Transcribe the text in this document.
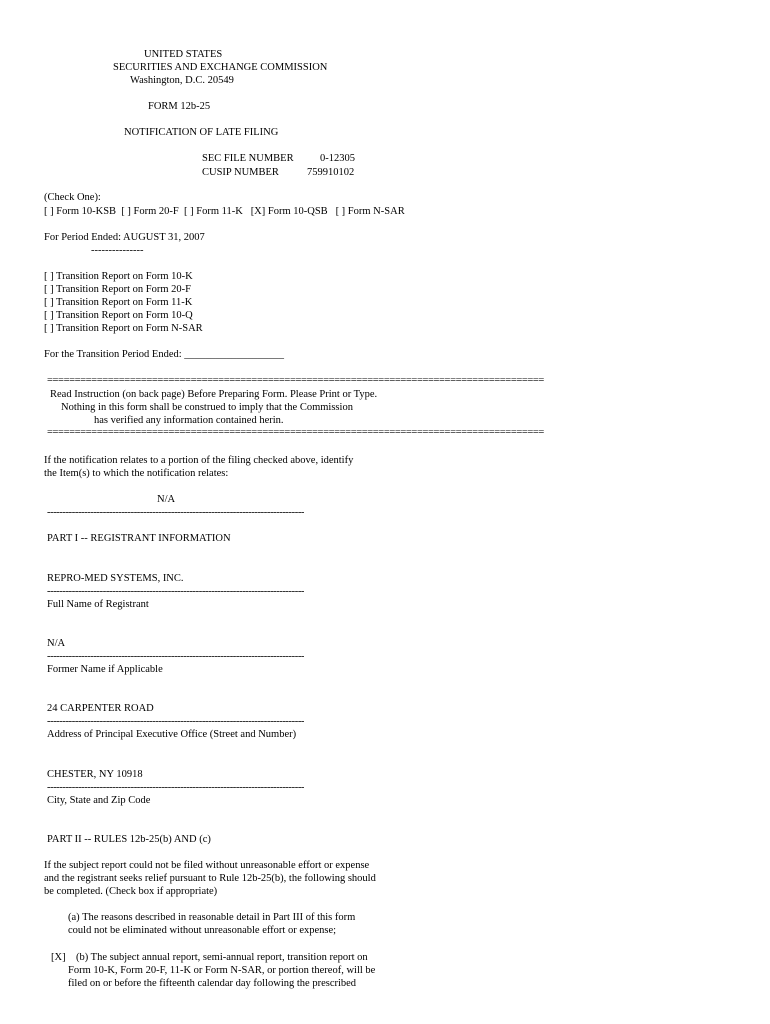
UNITED STATES
SECURITIES AND EXCHANGE COMMISSION
Washington, D.C. 20549
FORM 12b-25
NOTIFICATION OF LATE FILING
SEC FILE NUMBER	0-12305
CUSIP NUMBER	759910102
(Check One):
[ ] Form 10-KSB  [ ] Form 20-F  [ ] Form 11-K   [X] Form 10-QSB   [ ] Form N-SAR
For Period Ended: AUGUST 31, 2007
---------------
[ ] Transition Report on Form 10-K
[ ] Transition Report on Form 20-F
[ ] Transition Report on Form 11-K
[ ] Transition Report on Form 10-Q
[ ] Transition Report on Form N-SAR
For the Transition Period Ended: ___________________
==========================================================================================
Read Instruction (on back page) Before Preparing Form. Please Print or Type.
Nothing in this form shall be construed to imply that the Commission
has verified any information contained herin.
==========================================================================================
If the notification relates to a portion of the filing checked above, identify
the Item(s) to which the notification relates:
N/A
-----------------------------------------------------------------------------------
PART I -- REGISTRANT INFORMATION
REPRO-MED SYSTEMS, INC.
-----------------------------------------------------------------------------------
Full Name of Registrant
N/A
-----------------------------------------------------------------------------------
Former Name if Applicable
24 CARPENTER ROAD
-----------------------------------------------------------------------------------
Address of Principal Executive Office (Street and Number)
CHESTER, NY 10918
-----------------------------------------------------------------------------------
City, State and Zip Code
PART II -- RULES 12b-25(b) AND (c)
If the subject report could not be filed without unreasonable effort or expense
and the registrant seeks relief pursuant to Rule 12b-25(b), the following should
be completed. (Check box if appropriate)
(a) The reasons described in reasonable detail in Part III of this form
could not be eliminated without unreasonable effort or expense;
[X] (b) The subject annual report, semi-annual report, transition report on
Form 10-K, Form 20-F, 11-K or Form N-SAR, or portion thereof, will be
filed on or before the fifteenth calendar day following the prescribed
